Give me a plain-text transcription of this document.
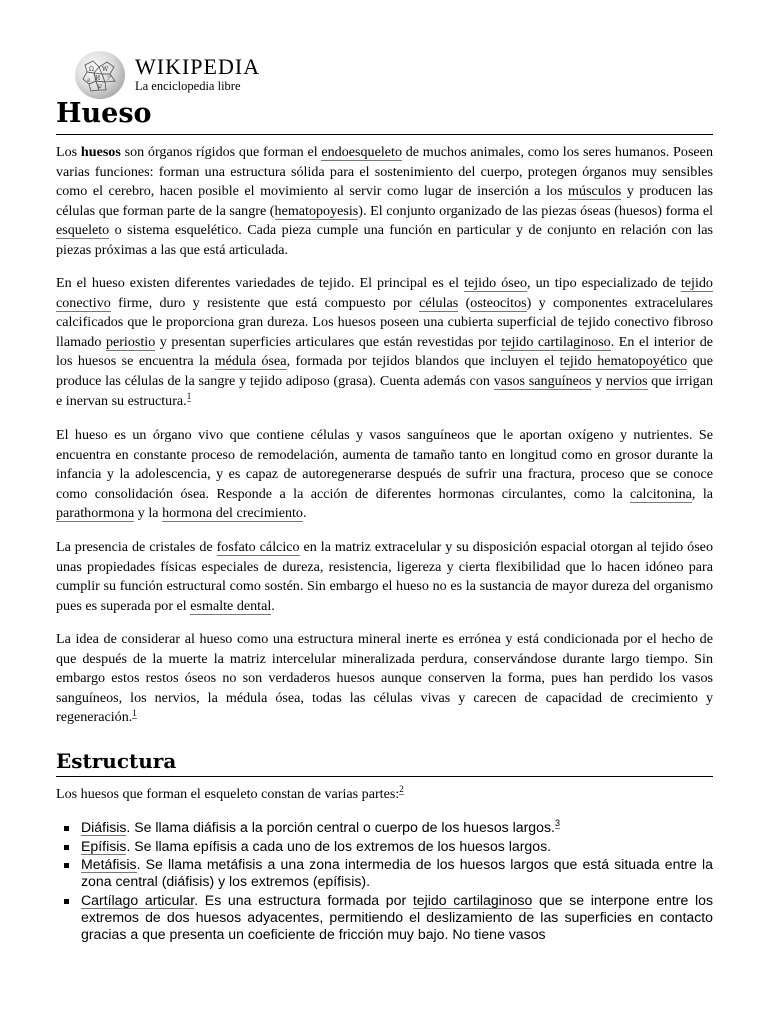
Ω W
И ア
ƨ
ש
WIKIPEDIA
La enciclopedia libre
Hueso

Los huesos son órganos rígidos que forman el endoesqueleto de muchos animales, como los seres humanos. Poseen varias funciones: forman una estructura sólida para el sostenimiento del cuerpo, protegen órganos muy sensibles como el cerebro, hacen posible el movimiento al servir como lugar de inserción a los músculos y producen las células que forman parte de la sangre (hematopoyesis). El conjunto organizado de las piezas óseas (huesos) forma el esqueleto o sistema esquelético. Cada pieza cumple una función en particular y de conjunto en relación con las piezas próximas a las que está articulada.

En el hueso existen diferentes variedades de tejido. El principal es el tejido óseo, un tipo especializado de tejido conectivo firme, duro y resistente que está compuesto por células (osteocitos) y componentes extracelulares calcificados que le proporciona gran dureza. Los huesos poseen una cubierta superficial de tejido conectivo fibroso llamado periostio y presentan superficies articulares que están revestidas por tejido cartilaginoso. En el interior de los huesos se encuentra la médula ósea, formada por tejidos blandos que incluyen el tejido hematopoyético que produce las células de la sangre y tejido adiposo (grasa). Cuenta además con vasos sanguíneos y nervios que irrigan e inervan su estructura.$^1$

El hueso es un órgano vivo que contiene células y vasos sanguíneos que le aportan oxígeno y nutrientes. Se encuentra en constante proceso de remodelación, aumenta de tamaño tanto en longitud como en grosor durante la infancia y la adolescencia, y es capaz de autoregenerarse después de sufrir una fractura, proceso que se conoce como consolidación ósea. Responde a la acción de diferentes hormonas circulantes, como la calcitonina, la parathormona y la hormona del crecimiento.

La presencia de cristales de fosfato cálcico en la matriz extracelular y su disposición espacial otorgan al tejido óseo unas propiedades físicas especiales de dureza, resistencia, ligereza y cierta flexibilidad que lo hacen idóneo para cumplir su función estructural como sostén. Sin embargo el hueso no es la sustancia de mayor dureza del organismo pues es superada por el esmalte dental.

La idea de considerar al hueso como una estructura mineral inerte es errónea y está condicionada por el hecho de que después de la muerte la matriz intercelular mineralizada perdura, conservándose durante largo tiempo. Sin embargo estos restos óseos no son verdaderos huesos aunque conserven la forma, pues han perdido los vasos sanguíneos, los nervios, la médula ósea, todas las células vivas y carecen de capacidad de crecimiento y regeneración.$^1$

Estructura

Los huesos que forman el esqueleto constan de varias partes:$^2$

Diáfisis. Se llama diáfisis a la porción central o cuerpo de los huesos largos.$^3$
Epífisis. Se llama epífisis a cada uno de los extremos de los huesos largos.
Metáfisis. Se llama metáfisis a una zona intermedia de los huesos largos que está situada entre la zona central (diáfisis) y los extremos (epífisis).
Cartílago articular. Es una estructura formada por tejido cartilaginoso que se interpone entre los extremos de dos huesos adyacentes, permitiendo el deslizamiento de las superficies en contacto gracias a que presenta un coeficiente de fricción muy bajo. No tiene vasos
